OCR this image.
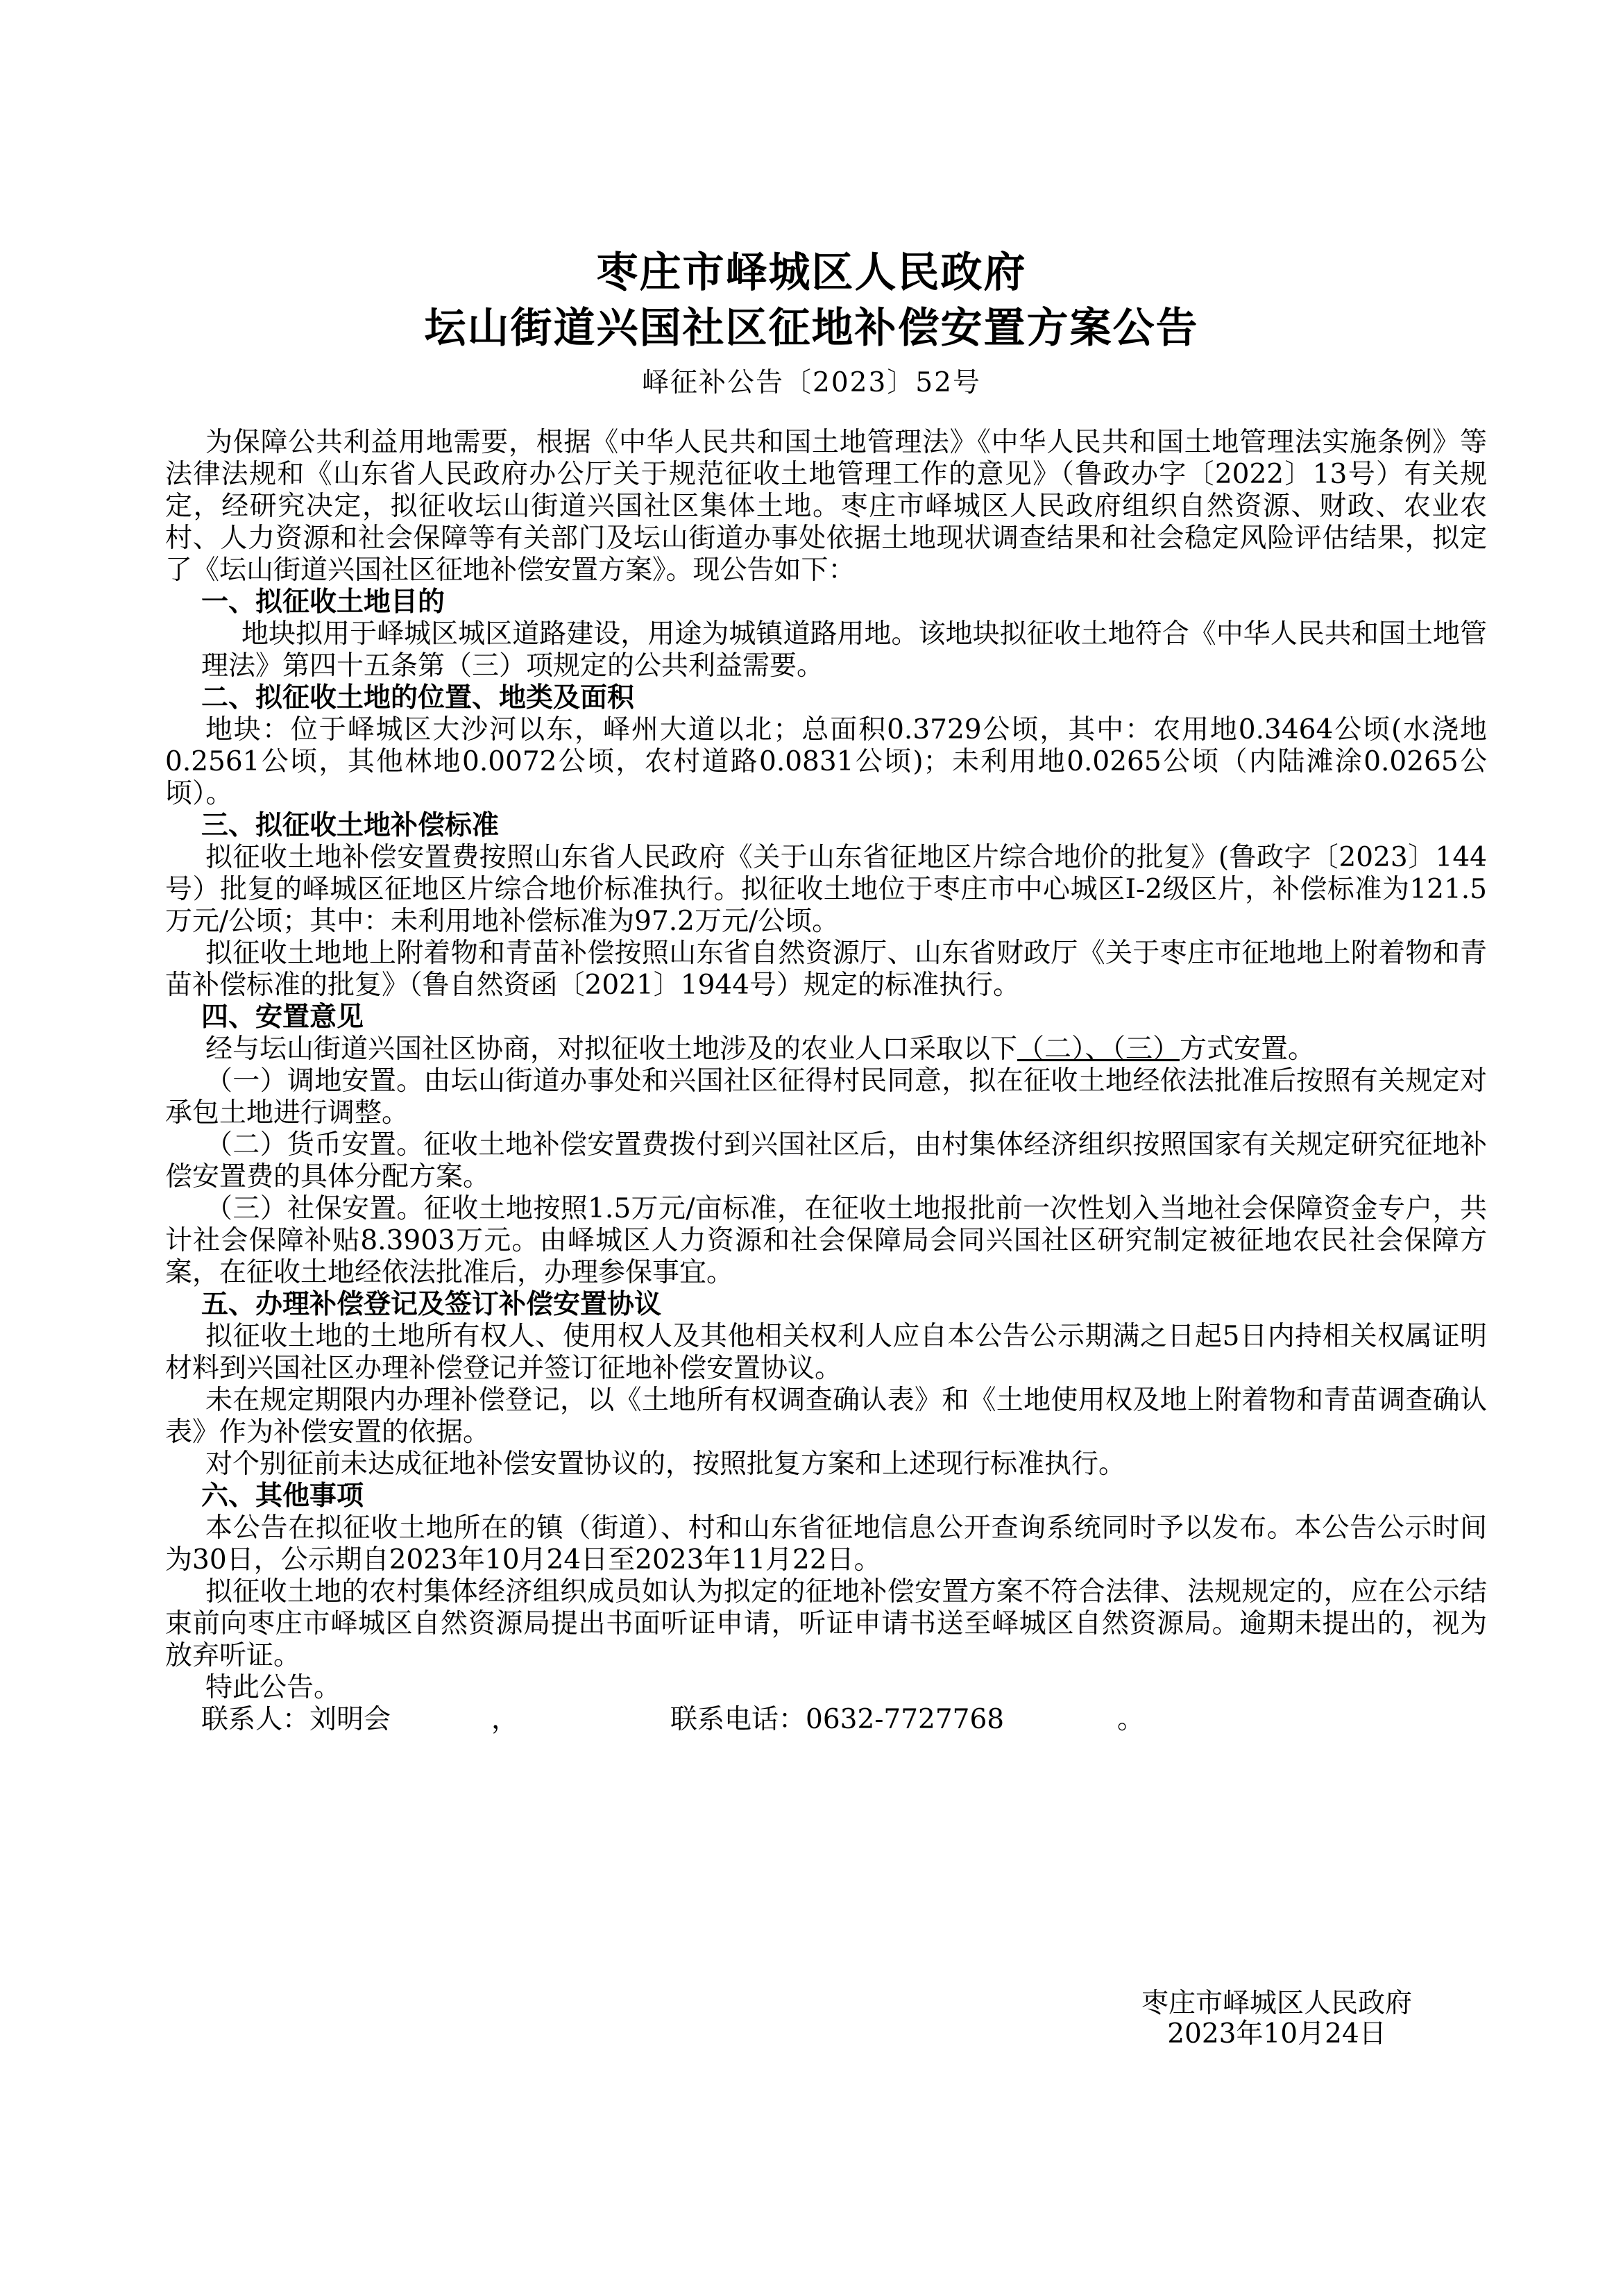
枣庄市峄城区人民政府
坛山街道兴国社区征地补偿安置方案公告
峄征补公告〔2023〕52号

为保障公共利益用地需要，根据《中华人民共和国土地管理法》《中华人民共和国土地管理法实施条例》等法律法规和《山东省人民政府办公厅关于规范征收土地管理工作的意见》（鲁政办字〔2022〕13号）有关规定，经研究决定，拟征收坛山街道兴国社区集体土地。枣庄市峄城区人民政府组织自然资源、财政、农业农村、人力资源和社会保障等有关部门及坛山街道办事处依据土地现状调查结果和社会稳定风险评估结果，拟定了《坛山街道兴国社区征地补偿安置方案》。现公告如下：

一、拟征收土地目的

地块拟用于峄城区城区道路建设，用途为城镇道路用地。该地块拟征收土地符合《中华人民共和国土地管理法》第四十五条第（三）项规定的公共利益需要。

二、拟征收土地的位置、地类及面积

地块：位于峄城区大沙河以东，峄州大道以北；总面积0.3729公顷，其中：农用地0.3464公顷(水浇地0.2561公顷，其他林地0.0072公顷，农村道路0.0831公顷)；未利用地0.0265公顷（内陆滩涂0.0265公顷）。

三、拟征收土地补偿标准

拟征收土地补偿安置费按照山东省人民政府《关于山东省征地区片综合地价的批复》(鲁政字〔2023〕144号）批复的峄城区征地区片综合地价标准执行。拟征收土地位于枣庄市中心城区I-2级区片，补偿标准为121.5万元/公顷；其中：未利用地补偿标准为97.2万元/公顷。

拟征收土地地上附着物和青苗补偿按照山东省自然资源厅、山东省财政厅《关于枣庄市征地地上附着物和青苗补偿标准的批复》（鲁自然资函〔2021〕1944号）规定的标准执行。

四、安置意见

经与坛山街道兴国社区协商，对拟征收土地涉及的农业人口采取以下（二）、（三）方式安置。

（一）调地安置。由坛山街道办事处和兴国社区征得村民同意，拟在征收土地经依法批准后按照有关规定对承包土地进行调整。

（二）货币安置。征收土地补偿安置费拨付到兴国社区后，由村集体经济组织按照国家有关规定研究征地补偿安置费的具体分配方案。

（三）社保安置。征收土地按照1.5万元/亩标准，在征收土地报批前一次性划入当地社会保障资金专户，共计社会保障补贴8.3903万元。由峄城区人力资源和社会保障局会同兴国社区研究制定被征地农民社会保障方案，在征收土地经依法批准后，办理参保事宜。

五、办理补偿登记及签订补偿安置协议

拟征收土地的土地所有权人、使用权人及其他相关权利人应自本公告公示期满之日起5日内持相关权属证明材料到兴国社区办理补偿登记并签订征地补偿安置协议。

未在规定期限内办理补偿登记，以《土地所有权调查确认表》和《土地使用权及地上附着物和青苗调查确认表》作为补偿安置的依据。

对个别征前未达成征地补偿安置协议的，按照批复方案和上述现行标准执行。

六、其他事项

本公告在拟征收土地所在的镇（街道）、村和山东省征地信息公开查询系统同时予以发布。本公告公示时间为30日，公示期自2023年10月24日至2023年11月22日。

拟征收土地的农村集体经济组织成员如认为拟定的征地补偿安置方案不符合法律、法规规定的，应在公示结束前向枣庄市峄城区自然资源局提出书面听证申请，听证申请书送至峄城区自然资源局。逾期未提出的，视为放弃听证。

特此公告。

联系人：刘明会	，	联系电话：0632-7727768	。
枣庄市峄城区人民政府
2023年10月24日
